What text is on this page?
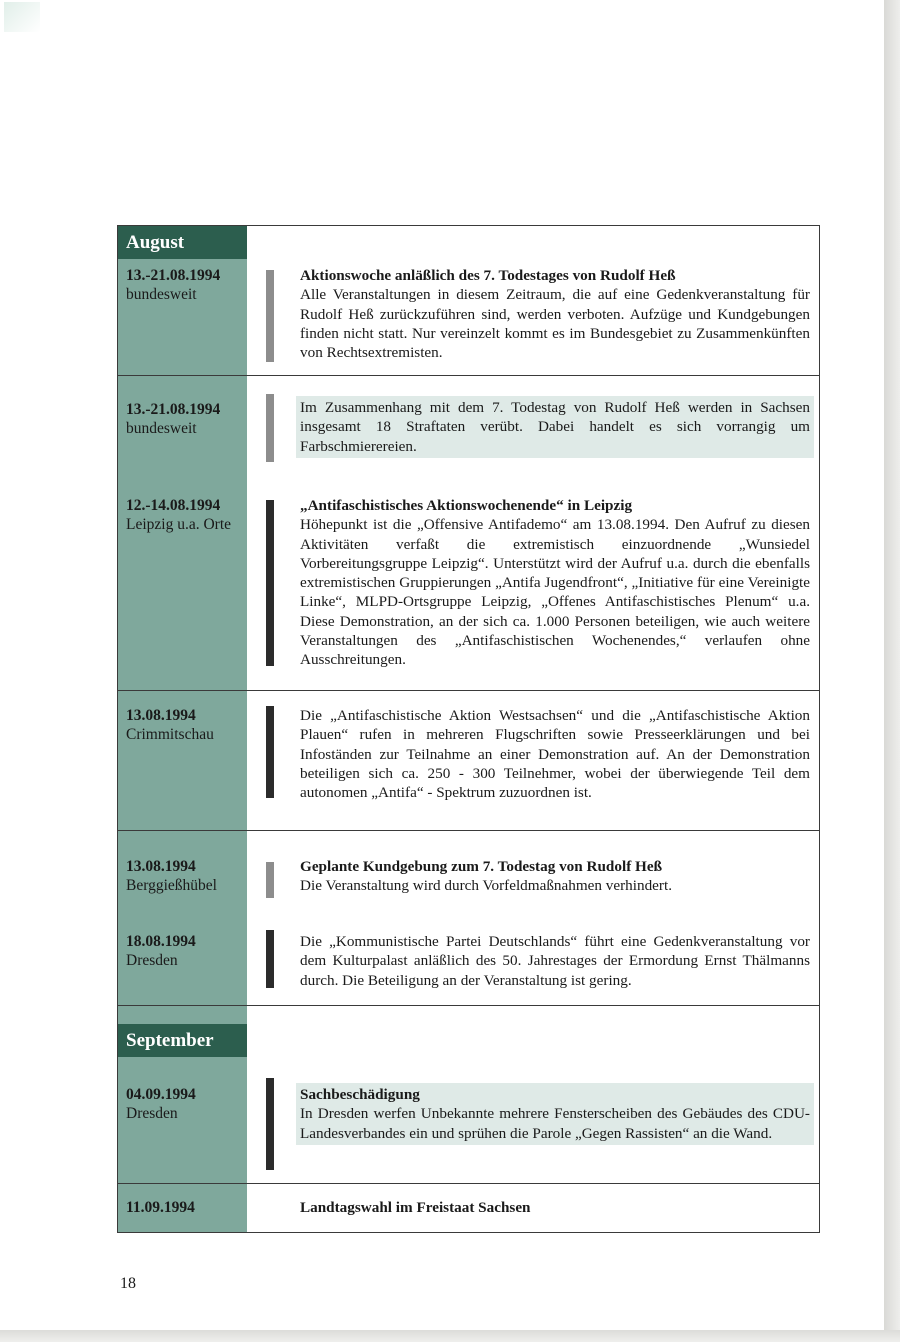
August
13.-21.08.1994
bundesweit
Aktionswoche anläßlich des 7. Todestages von Rudolf Heß
Alle Veranstaltungen in diesem Zeitraum, die auf eine Gedenkveranstaltung für Rudolf Heß zurückzuführen sind, werden verboten. Aufzüge und Kundgebungen finden nicht statt. Nur vereinzelt kommt es im Bundesgebiet zu Zusammenkünften von Rechtsextremisten.
13.-21.08.1994
bundesweit
Im Zusammenhang mit dem 7. Todestag von Rudolf Heß werden in Sachsen insgesamt 18 Straftaten verübt. Dabei handelt es sich vorrangig um Farbschmierereien.
12.-14.08.1994
Leipzig u.a. Orte
„Antifaschistisches Aktionswochenende“ in Leipzig
Höhepunkt ist die „Offensive Antifademo“ am 13.08.1994. Den Aufruf zu diesen Aktivitäten verfaßt die extremistisch einzuordnende „Wunsiedel Vorbereitungsgruppe Leipzig“. Unterstützt wird der Aufruf u.a. durch die ebenfalls extremistischen Gruppierungen „Antifa Jugendfront“, „Initiative für eine Vereinigte Linke“, MLPD-Ortsgruppe Leipzig, „Offenes Antifaschistisches Plenum“ u.a. Diese Demonstration, an der sich ca. 1.000 Personen beteiligen, wie auch weitere Veranstaltungen des „Antifaschistischen Wochenendes,“ verlaufen ohne Ausschreitungen.
13.08.1994
Crimmitschau
Die „Antifaschistische Aktion Westsachsen“ und die „Antifaschistische Aktion Plauen“ rufen in mehreren Flugschriften sowie Presseerklärungen und bei Infoständen zur Teilnahme an einer Demonstration auf. An der Demonstration beteiligen sich ca. 250 - 300 Teilnehmer, wobei der überwiegende Teil dem autonomen „Antifa“ - Spektrum zuzuordnen ist.
13.08.1994
Berggießhübel
Geplante Kundgebung zum 7. Todestag von Rudolf Heß
Die Veranstaltung wird durch Vorfeldmaßnahmen verhindert.
18.08.1994
Dresden
Die „Kommunistische Partei Deutschlands“ führt eine Gedenkveranstaltung vor dem Kulturpalast anläßlich des 50. Jahrestages der Ermordung Ernst Thälmanns durch. Die Beteiligung an der Veranstaltung ist gering.
September
04.09.1994
Dresden
Sachbeschädigung
In Dresden werfen Unbekannte mehrere Fensterscheiben des Gebäudes des CDU-Landesverbandes ein und sprühen die Parole „Gegen Rassisten“ an die Wand.
11.09.1994	Landtagswahl im Freistaat Sachsen
18
